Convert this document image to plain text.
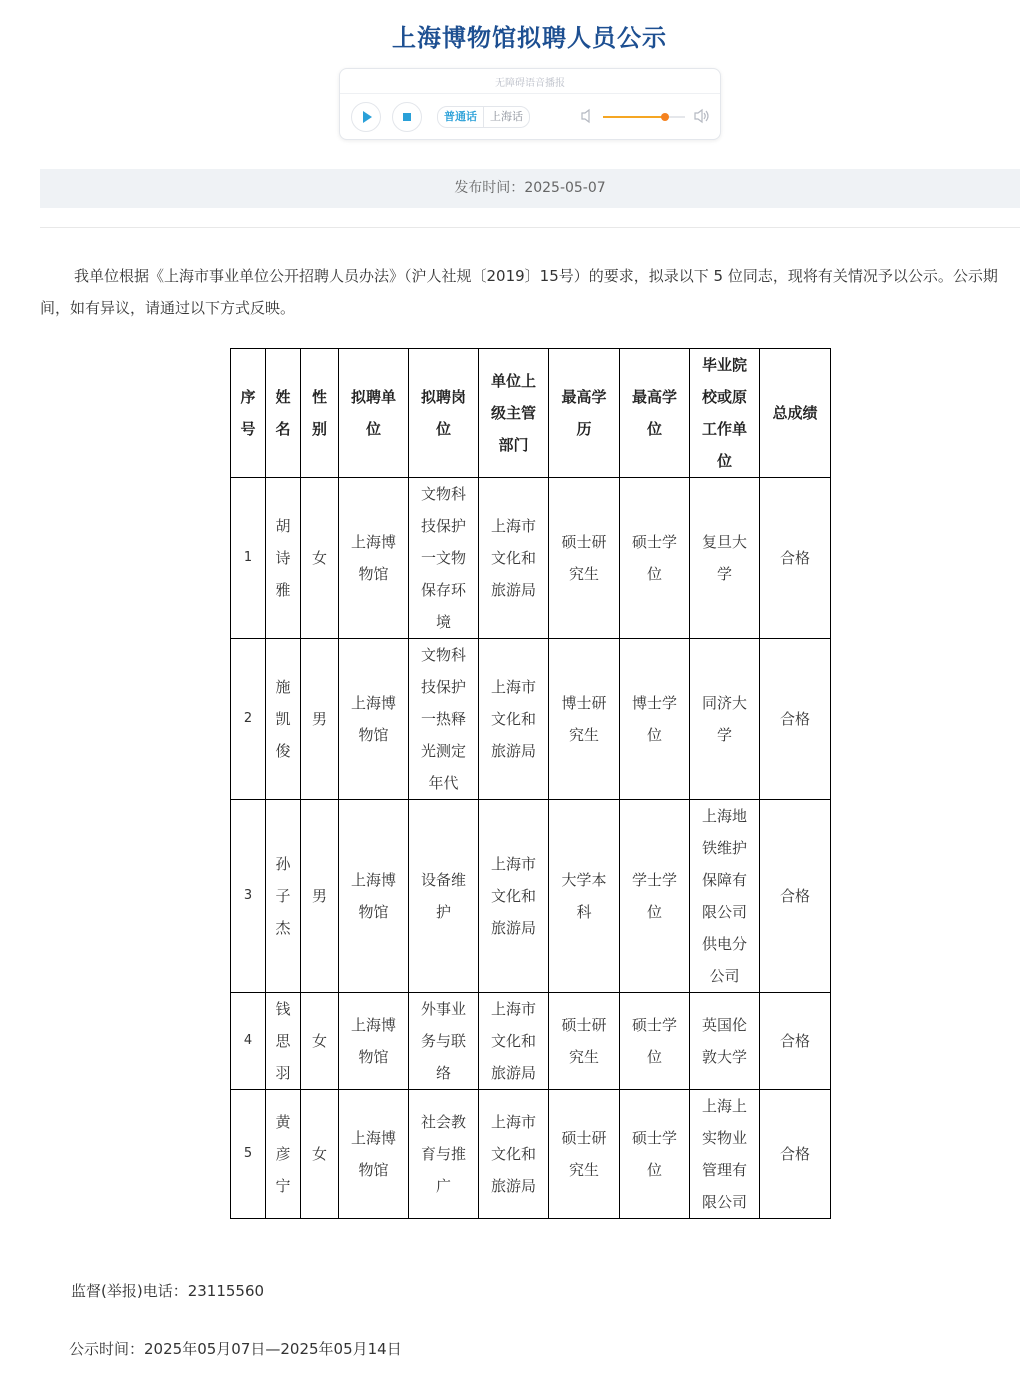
上海博物馆拟聘人员公示
无障碍语音播报
普通话	上海话
发布时间：2025-05-07
我单位根据《上海市事业单位公开招聘人员办法》（沪人社规〔2019〕15号）的要求，拟录以下 5 位同志，现将有关情况予以公示。公示期间，如有异议，请通过以下方式反映。
序号	姓名	性别	拟聘单位	拟聘岗位	单位上级主管部门	最高学历	最高学位	毕业院校或原工作单位	总成绩
1	胡诗雅	女	上海博物馆	文物科技保护一文物保存环境	上海市文化和旅游局	硕士研究生	硕士学位	复旦大学	合格
2	施凯俊	男	上海博物馆	文物科技保护一热释光测定年代	上海市文化和旅游局	博士研究生	博士学位	同济大学	合格
3	孙子杰	男	上海博物馆	设备维护	上海市文化和旅游局	大学本科	学士学位	上海地铁维护保障有限公司供电分公司	合格
4	钱思羽	女	上海博物馆	外事业务与联络	上海市文化和旅游局	硕士研究生	硕士学位	英国伦敦大学	合格
5	黄彦宁	女	上海博物馆	社会教育与推广	上海市文化和旅游局	硕士研究生	硕士学位	上海上实物业管理有限公司	合格
监督(举报)电话：23115560
公示时间：2025年05月07日—2025年05月14日
